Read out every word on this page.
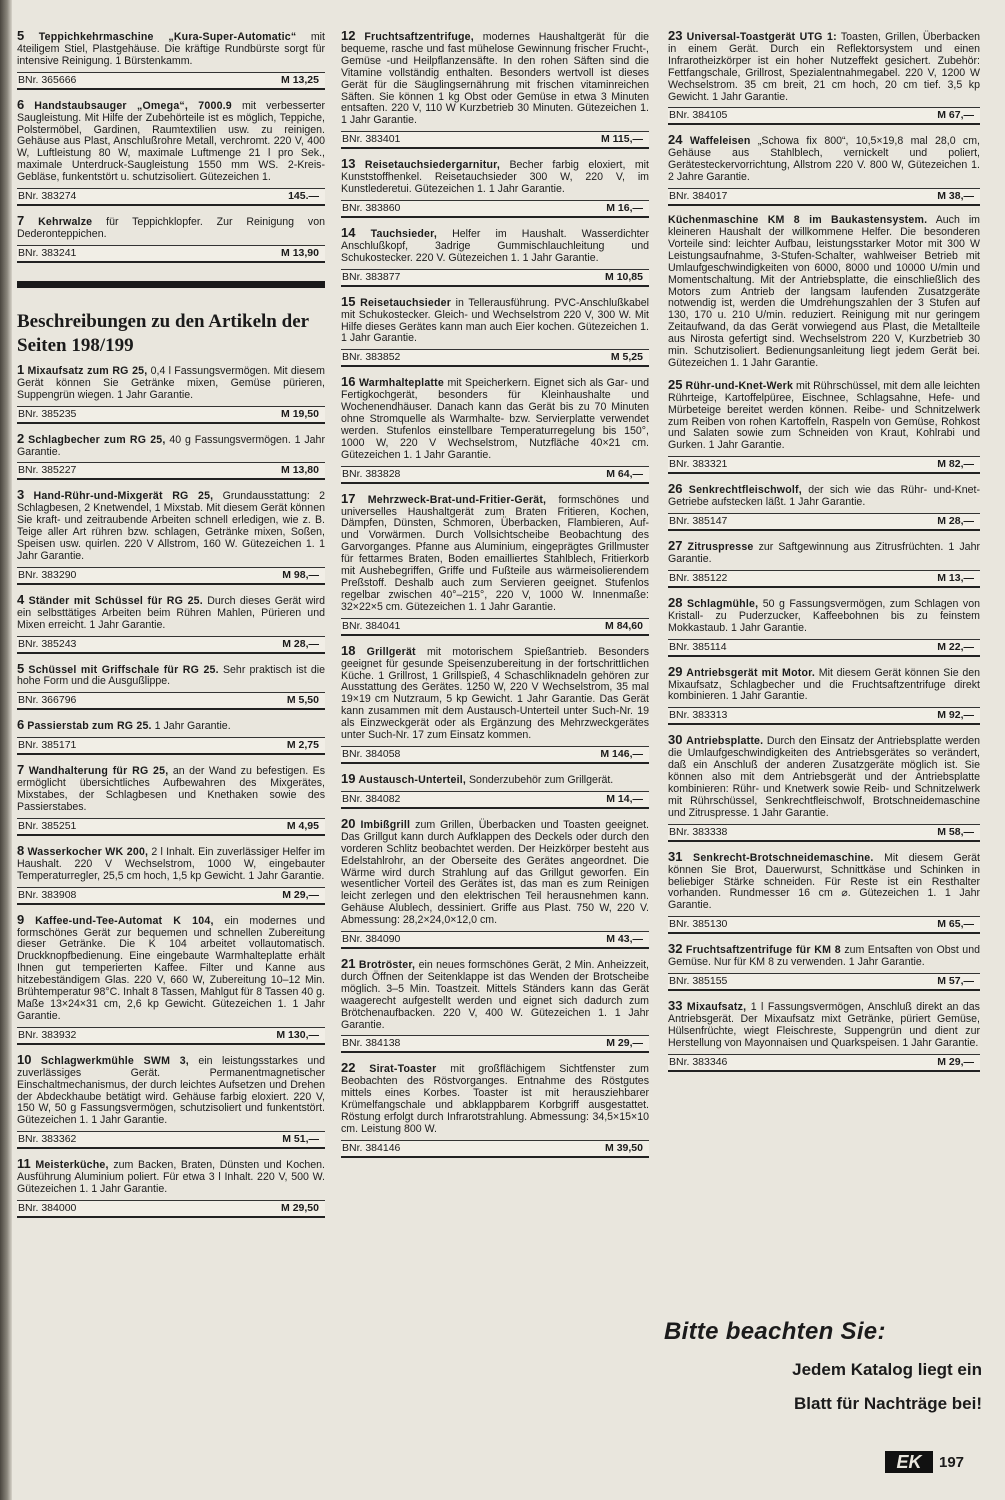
5 Teppichkehrmaschine „Kura-Super-Automatic“ mit 4teiligem Stiel, Plastgehäuse. Die kräftige Rundbürste sorgt für intensive Reinigung. 1 Bürstenkamm.

BNr. 365666	M 13,25

6 Handstaubsauger „Omega“, 7000.9 mit verbesserter Saugleistung. Mit Hilfe der Zubehörteile ist es möglich, Teppiche, Polstermöbel, Gardinen, Raumtextilien usw. zu reinigen. Gehäuse aus Plast, Anschlußrohre Metall, verchromt. 220 V, 400 W, Luftleistung 80 W, maximale Luftmenge 21 l pro Sek., maximale Unterdruck-Saugleistung 1550 mm WS. 2-Kreis-Gebläse, funkentstört u. schutzisoliert. Gütezeichen 1.

BNr. 383274	145.—

7 Kehrwalze für Teppichklopfer. Zur Reinigung von Dederonteppichen.

BNr. 383241	M 13,90
Beschreibungen zu den Artikeln der Seiten 198/199

1 Mixaufsatz zum RG 25, 0,4 l Fassungsvermögen. Mit diesem Gerät können Sie Getränke mixen, Gemüse pürieren, Suppengrün wiegen. 1 Jahr Garantie.

BNr. 385235	M 19,50

2 Schlagbecher zum RG 25, 40 g Fassungsvermögen. 1 Jahr Garantie.

BNr. 385227	M 13,80

3 Hand-Rühr-und-Mixgerät RG 25, Grundausstattung: 2 Schlagbesen, 2 Knetwendel, 1 Mixstab. Mit diesem Gerät können Sie kraft- und zeitraubende Arbeiten schnell erledigen, wie z. B. Teige aller Art rühren bzw. schlagen, Getränke mixen, Soßen, Speisen usw. quirlen. 220 V Allstrom, 160 W. Gütezeichen 1. 1 Jahr Garantie.

BNr. 383290	M 98,—

4 Ständer mit Schüssel für RG 25. Durch dieses Gerät wird ein selbsttätiges Arbeiten beim Rühren Mahlen, Pürieren und Mixen erreicht. 1 Jahr Garantie.

BNr. 385243	M 28,—

5 Schüssel mit Griffschale für RG 25. Sehr praktisch ist die hohe Form und die Ausgußlippe.

BNr. 366796	M 5,50

6 Passierstab zum RG 25. 1 Jahr Garantie.

BNr. 385171	M 2,75

7 Wandhalterung für RG 25, an der Wand zu befestigen. Es ermöglicht übersichtliches Aufbewahren des Mixgerätes, Mixstabes, der Schlagbesen und Knethaken sowie des Passierstabes.

BNr. 385251	M 4,95

8 Wasserkocher WK 200, 2 l Inhalt. Ein zuverlässiger Helfer im Haushalt. 220 V Wechselstrom, 1000 W, eingebauter Temperaturregler, 25,5 cm hoch, 1,5 kp Gewicht. 1 Jahr Garantie.

BNr. 383908	M 29,—

9 Kaffee-und-Tee-Automat K 104, ein modernes und formschönes Gerät zur bequemen und schnellen Zubereitung dieser Getränke. Die K 104 arbeitet vollautomatisch. Druckknopfbedienung. Eine eingebaute Warmhalteplatte erhält Ihnen gut temperierten Kaffee. Filter und Kanne aus hitzebeständigem Glas. 220 V, 660 W, Zubereitung 10–12 Min. Brühtemperatur 98°C. Inhalt 8 Tassen, Mahlgut für 8 Tassen 40 g. Maße 13×24×31 cm, 2,6 kp Gewicht. Gütezeichen 1. 1 Jahr Garantie.

BNr. 383932	M 130,—

10 Schlagwerkmühle SWM 3, ein leistungsstarkes und zuverlässiges Gerät. Permanentmagnetischer Einschaltmechanismus, der durch leichtes Aufsetzen und Drehen der Abdeckhaube betätigt wird. Gehäuse farbig eloxiert. 220 V, 150 W, 50 g Fassungsvermögen, schutzisoliert und funkentstört. Gütezeichen 1. 1 Jahr Garantie.

BNr. 383362	M 51,—

11 Meisterküche, zum Backen, Braten, Dünsten und Kochen. Ausführung Aluminium poliert. Für etwa 3 l Inhalt. 220 V, 500 W. Gütezeichen 1. 1 Jahr Garantie.

BNr. 384000	M 29,50

12 Fruchtsaftzentrifuge, modernes Haushaltgerät für die bequeme, rasche und fast mühelose Gewinnung frischer Frucht-, Gemüse -und Heilpflanzensäfte. In den rohen Säften sind die Vitamine vollständig enthalten. Besonders wertvoll ist dieses Gerät für die Säuglingsernährung mit frischen vitaminreichen Säften. Sie können 1 kg Obst oder Gemüse in etwa 3 Minuten entsaften. 220 V, 110 W Kurzbetrieb 30 Minuten. Gütezeichen 1. 1 Jahr Garantie.

BNr. 383401	M 115,—

13 Reisetauchsiedergarnitur, Becher farbig eloxiert, mit Kunststoffhenkel. Reisetauchsieder 300 W, 220 V, im Kunstlederetui. Gütezeichen 1. 1 Jahr Garantie.

BNr. 383860	M 16,—

14 Tauchsieder, Helfer im Haushalt. Wasserdichter Anschlußkopf, 3adrige Gummischlauchleitung und Schukostecker. 220 V. Gütezeichen 1. 1 Jahr Garantie.

BNr. 383877	M 10,85

15 Reisetauchsieder in Tellerausführung. PVC-Anschlußkabel mit Schukostecker. Gleich- und Wechselstrom 220 V, 300 W. Mit Hilfe dieses Gerätes kann man auch Eier kochen. Gütezeichen 1. 1 Jahr Garantie.

BNr. 383852	M 5,25

16 Warmhalteplatte mit Speicherkern. Eignet sich als Gar- und Fertigkochgerät, besonders für Kleinhaushalte und Wochenendhäuser. Danach kann das Gerät bis zu 70 Minuten ohne Stromquelle als Warmhalte- bzw. Servierplatte verwendet werden. Stufenlos einstellbare Temperaturregelung bis 150°, 1000 W, 220 V Wechselstrom, Nutzfläche 40×21 cm. Gütezeichen 1. 1 Jahr Garantie.

BNr. 383828	M 64,—

17 Mehrzweck-Brat-und-Fritier-Gerät, formschönes und universelles Haushaltgerät zum Braten Fritieren, Kochen, Dämpfen, Dünsten, Schmoren, Überbacken, Flambieren, Auf- und Vorwärmen. Durch Vollsichtscheibe Beobachtung des Garvorganges. Pfanne aus Aluminium, eingeprägtes Grillmuster für fettarmes Braten, Boden emailliertes Stahlblech, Fritierkorb mit Aushebegriffen, Griffe und Fußteile aus wärmeisolierendem Preßstoff. Deshalb auch zum Servieren geeignet. Stufenlos regelbar zwischen 40°–215°, 220 V, 1000 W. Innenmaße: 32×22×5 cm. Gütezeichen 1. 1 Jahr Garantie.

BNr. 384041	M 84,60

18 Grillgerät mit motorischem Spießantrieb. Besonders geeignet für gesunde Speisenzubereitung in der fortschrittlichen Küche. 1 Grillrost, 1 Grillspieß, 4 Schaschliknadeln gehören zur Ausstattung des Gerätes. 1250 W, 220 V Wechselstrom, 35 mal 19×19 cm Nutzraum, 5 kp Gewicht. 1 Jahr Garantie. Das Gerät kann zusammen mit dem Austausch-Unterteil unter Such-Nr. 19 als Einzweckgerät oder als Ergänzung des Mehrzweckgerätes unter Such-Nr. 17 zum Einsatz kommen.

BNr. 384058	M 146,—

19 Austausch-Unterteil, Sonderzubehör zum Grillgerät.

BNr. 384082	M 14,—

20 Imbißgrill zum Grillen, Überbacken und Toasten geeignet. Das Grillgut kann durch Aufklappen des Deckels oder durch den vorderen Schlitz beobachtet werden. Der Heizkörper besteht aus Edelstahlrohr, an der Oberseite des Gerätes angeordnet. Die Wärme wird durch Strahlung auf das Grillgut geworfen. Ein wesentlicher Vorteil des Gerätes ist, das man es zum Reinigen leicht zerlegen und den elektrischen Teil herausnehmen kann. Gehäuse Alublech, dessiniert. Griffe aus Plast. 750 W, 220 V. Abmessung: 28,2×24,0×12,0 cm.

BNr. 384090	M 43,—

21 Brotröster, ein neues formschönes Gerät, 2 Min. Anheizzeit, durch Öffnen der Seitenklappe ist das Wenden der Brotscheibe möglich. 3–5 Min. Toastzeit. Mittels Ständers kann das Gerät waagerecht aufgestellt werden und eignet sich dadurch zum Brötchenaufbacken. 220 V, 400 W. Gütezeichen 1. 1 Jahr Garantie.

BNr. 384138	M 29,—

22 Sirat-Toaster mit großflächigem Sichtfenster zum Beobachten des Röstvorganges. Entnahme des Röstgutes mittels eines Korbes. Toaster ist mit herausziehbarer Krümelfangschale und abklappbarem Korbgriff ausgestattet. Röstung erfolgt durch Infrarotstrahlung. Abmessung: 34,5×15×10 cm. Leistung 800 W.

BNr. 384146	M 39,50

23 Universal-Toastgerät UTG 1: Toasten, Grillen, Überbacken in einem Gerät. Durch ein Reflektorsystem und einen Infrarotheizkörper ist ein hoher Nutzeffekt gesichert. Zubehör: Fettfangschale, Grillrost, Spezialentnahmegabel. 220 V, 1200 W Wechselstrom. 35 cm breit, 21 cm hoch, 20 cm tief. 3,5 kp Gewicht. 1 Jahr Garantie.

BNr. 384105	M 67,—

24 Waffeleisen „Schowa fix 800“, 10,5×19,8 mal 28,0 cm, Gehäuse aus Stahlblech, vernickelt und poliert, Gerätesteckervorrichtung, Allstrom 220 V. 800 W, Gütezeichen 1. 2 Jahre Garantie.

BNr. 384017	M 38,—

Küchenmaschine KM 8 im Baukastensystem. Auch im kleineren Haushalt der willkommene Helfer. Die besonderen Vorteile sind: leichter Aufbau, leistungsstarker Motor mit 300 W Leistungsaufnahme, 3-Stufen-Schalter, wahlweiser Betrieb mit Umlaufgeschwindigkeiten von 6000, 8000 und 10000 U/min und Momentschaltung. Mit der Antriebsplatte, die einschließlich des Motors zum Antrieb der langsam laufenden Zusatzgeräte notwendig ist, werden die Umdrehungszahlen der 3 Stufen auf 130, 170 u. 210 U/min. reduziert. Reinigung mit nur geringem Zeitaufwand, da das Gerät vorwiegend aus Plast, die Metallteile aus Nirosta gefertigt sind. Wechselstrom 220 V, Kurzbetrieb 30 min. Schutzisoliert. Bedienungsanleitung liegt jedem Gerät bei. Gütezeichen 1. 1 Jahr Garantie.

25 Rühr-und-Knet-Werk mit Rührschüssel, mit dem alle leichten Rührteige, Kartoffelpüree, Eischnee, Schlagsahne, Hefe- und Mürbeteige bereitet werden können. Reibe- und Schnitzelwerk zum Reiben von rohen Kartoffeln, Raspeln von Gemüse, Rohkost und Salaten sowie zum Schneiden von Kraut, Kohlrabi und Gurken. 1 Jahr Garantie.

BNr. 383321	M 82,—

26 Senkrechtfleischwolf, der sich wie das Rühr- und-Knet-Getriebe aufstecken läßt. 1 Jahr Garantie.

BNr. 385147	M 28,—

27 Zitruspresse zur Saftgewinnung aus Zitrusfrüchten. 1 Jahr Garantie.

BNr. 385122	M 13,—

28 Schlagmühle, 50 g Fassungsvermögen, zum Schlagen von Kristall- zu Puderzucker, Kaffeebohnen bis zu feinstem Mokkastaub. 1 Jahr Garantie.

BNr. 385114	M 22,—

29 Antriebsgerät mit Motor. Mit diesem Gerät können Sie den Mixaufsatz, Schlagbecher und die Fruchtsaftzentrifuge direkt kombinieren. 1 Jahr Garantie.

BNr. 383313	M 92,—

30 Antriebsplatte. Durch den Einsatz der Antriebsplatte werden die Umlaufgeschwindigkeiten des Antriebsgerätes so verändert, daß ein Anschluß der anderen Zusatzgeräte möglich ist. Sie können also mit dem Antriebsgerät und der Antriebsplatte kombinieren: Rühr- und Knetwerk sowie Reib- und Schnitzelwerk mit Rührschüssel, Senkrechtfleischwolf, Brotschneidemaschine und Zitruspresse. 1 Jahr Garantie.

BNr. 383338	M 58,—

31 Senkrecht-Brotschneidemaschine. Mit diesem Gerät können Sie Brot, Dauerwurst, Schnittkäse und Schinken in beliebiger Stärke schneiden. Für Reste ist ein Resthalter vorhanden. Rundmesser 16 cm ⌀. Gütezeichen 1. 1 Jahr Garantie.

BNr. 385130	M 65,—

32 Fruchtsaftzentrifuge für KM 8 zum Entsaften von Obst und Gemüse. Nur für KM 8 zu verwenden. 1 Jahr Garantie.

BNr. 385155	M 57,—

33 Mixaufsatz, 1 l Fassungsvermögen, Anschluß direkt an das Antriebsgerät. Der Mixaufsatz mixt Getränke, püriert Gemüse, Hülsenfrüchte, wiegt Fleischreste, Suppengrün und dient zur Herstellung von Mayonnaisen und Quarkspeisen. 1 Jahr Garantie.

BNr. 383346	M 29,—
Bitte beachten Sie:
Jedem Katalog liegt ein
Blatt für Nachträge bei!
EK	197
